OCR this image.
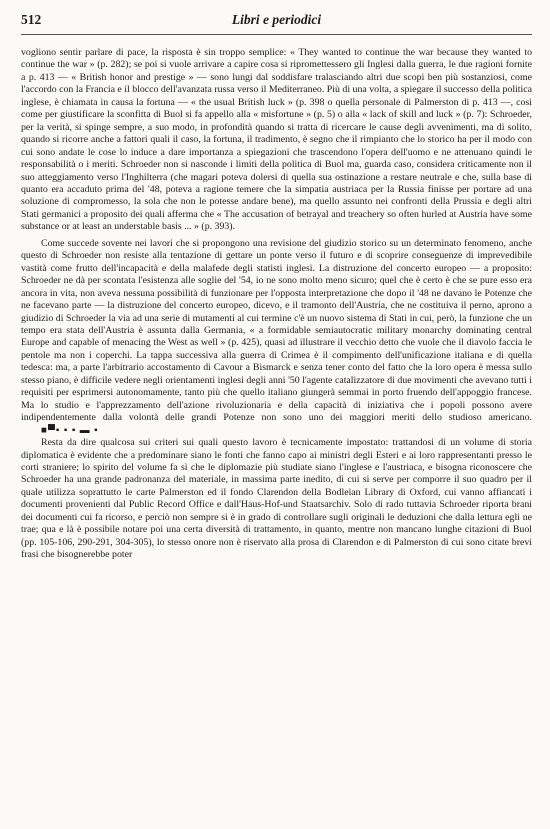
512	Libri e periodici

vogliono sentir parlare di pace, la risposta è sin troppo semplice: « They wanted to continue the war because they wanted to continue the war » (p. 282); se poi si vuole arrivare a capire cosa si ripromettessero gli Inglesi dalla guerra, le due ragioni fornite a p. 413 — « British honor and prestige » — sono lungi dal soddisfare tralasciando altri due scopi ben più sostanziosi, come l'accordo con la Francia e il blocco dell'avanzata russa verso il Mediterraneo. Più di una volta, a spiegare il successo della politica inglese, è chiamata in causa la fortuna — « the usual British luck » (p. 398 o quella personale di Palmerston di p. 413 —, così come per giustificare la sconfitta di Buol si fa appello alla « misfortune » (p. 5) o alla « lack of skill and luck » (p. 7): Schroeder, per la verità, si spinge sempre, a suo modo, in profondità quando si tratta di ricercare le cause degli avvenimenti, ma di solito, quando si ricorre anche a fattori quali il caso, la fortuna, il tradimento, è segno che il rimpianto che lo storico ha per il modo con cui sono andate le cose lo induce a dare importanza a spiegazioni che trascendono l'opera dell'uomo e ne attenuano quindi le responsabilità o i meriti. Schroeder non si nasconde i limiti della politica di Buol ma, guarda caso, considera criticamente non il suo atteggiamento verso l'Inghilterra (che magari poteva dolersi di quella sua ostinazione a restare neutrale e che, sulla base di quanto era accaduto prima del '48, poteva a ragione temere che la simpatia austriaca per la Russia finisse per portare ad una soluzione di compromesso, la sola che non le potesse andare bene), ma quello assunto nei confronti della Prussia e degli altri Stati germanici a proposito dei quali afferma che « The accusation of betrayal and treachery so often hurled at Austria have some substance or at least an understable basis ... » (p. 393).

Come succede sovente nei lavori che si propongono una revisione del giudizio storico su un determinato fenomeno, anche questo di Schroeder non resiste alla tentazione di gettare un ponte verso il futuro e di scoprire conseguenze di imprevedibile vastità come frutto dell'incapacità e della malafede degli statisti inglesi. La distruzione del concerto europeo — a proposito: Schroeder ne dà per scontata l'esistenza alle soglie del '54, io ne sono molto meno sicuro; quel che è certo è che se pure esso era ancora in vita, non aveva nessuna possibilità di funzionare per l'opposta interpretazione che dopo il '48 ne davano le Potenze che ne facevano parte — la distruzione del concerto europeo, dicevo, e il tramonto dell'Austria, che ne costituiva il perno, aprono a giudizio di Schroeder la via ad una serie di mutamenti al cui termine c'è un nuovo sistema di Stati in cui, però, la funzione che un tempo era stata dell'Austria è assunta dalla Germania, « a formidable semiautocratic military monarchy dominating central Europe and capable of menacing the West as well » (p. 425), quasi ad illustrare il vecchio detto che vuole che il diavolo faccia le pentole ma non i coperchi. La tappa successiva alla guerra di Crimea è il compimento dell'unificazione italiana e di quella tedesca: ma, a parte l'arbitrario accostamento di Cavour a Bismarck e senza tener conto del fatto che la loro opera è messa sullo stesso piano, è difficile vedere negli orientamenti inglesi degli anni '50 l'agente catalizzatore di due movimenti che avevano tutti i requisiti per esprimersi autonomamente, tanto più che quello italiano giungerà semmai in porto fruendo dell'appoggio francese. Ma lo studio e l'apprezzamento dell'azione rivoluzionaria e della capacità di iniziativa che i popoli possono avere indipendentemente dalla volontà delle grandi Potenze non sono uno dei maggiori meriti dello studioso americano. ■▀▪ ▪ ▪ ▬ ▪

Resta da dire qualcosa sui criteri sui quali questo lavoro è tecnicamente impostato: trattandosi di un volume di storia diplomatica è evidente che a predominare siano le fonti che fanno capo ai ministri degli Esteri e ai loro rappresentanti presso le corti straniere; lo spirito del volume fa sì che le diplomazie più studiate siano l'inglese e l'austriaca, e bisogna riconoscere che Schroeder ha una grande padronanza del materiale, in massima parte inedito, di cui si serve per comporre il suo quadro per il quale utilizza soprattutto le carte Palmerston ed il fondo Clarendon della Bodleian Library di Oxford, cui vanno affiancati i documenti provenienti dal Public Record Office e dall'Haus-Hof-und Staatsarchiv. Solo di rado tuttavia Schroeder riporta brani dei documenti cui fa ricorso, e perciò non sempre si è in grado di controllare sugli originali le deduzioni che dalla lettura egli ne trae; qua e là è possibile notare poi una certa diversità di trattamento, in quanto, mentre non mancano lunghe citazioni di Buol (pp. 105-106, 290-291, 304-305), lo stesso onore non è riservato alla prosa di Clarendon e di Palmerston di cui sono citate brevi frasi che bisognerebbe poter
